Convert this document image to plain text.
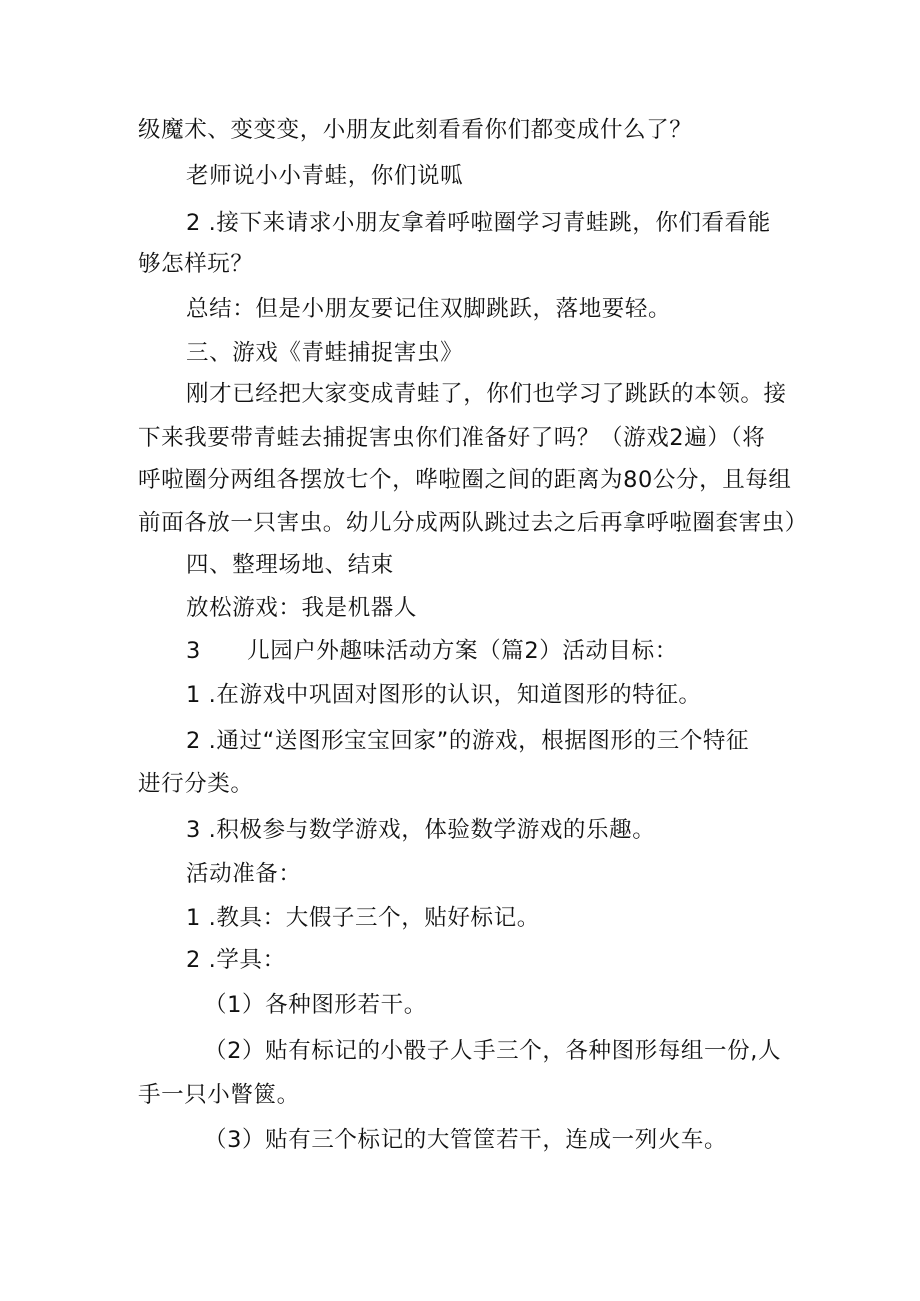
级魔术、变变变，小朋友此刻看看你们都变成什么了？
老师说小小青蛙，你们说呱
2 .接下来请求小朋友拿着呼啦圈学习青蛙跳，你们看看能
够怎样玩？
总结：但是小朋友要记住双脚跳跃，落地要轻。
三、游戏《青蛙捕捉害虫》
刚才已经把大家变成青蛙了，你们也学习了跳跃的本领。接
下来我要带青蛙去捕捉害虫你们准备好了吗？（游戏2遍）（将
呼啦圈分两组各摆放七个，哗啦圈之间的距离为80公分，且每组
前面各放一只害虫。幼儿分成两队跳过去之后再拿呼啦圈套害虫）
四、整理场地、结束
放松游戏：我是机器人
3　　儿园户外趣味活动方案（篇2）活动目标：
1 .在游戏中巩固对图形的认识，知道图形的特征。
2 .通过“送图形宝宝回家”的游戏，根据图形的三个特征
进行分类。
3 .积极参与数学游戏，体验数学游戏的乐趣。
活动准备：
1 .教具：大假子三个，贴好标记。
2 .学具：
（1）各种图形若干。
（2）贴有标记的小骰子人手三个，各种图形每组一份,人
手一只小瞥篋。
（3）贴有三个标记的大管筐若干，连成一列火车。
